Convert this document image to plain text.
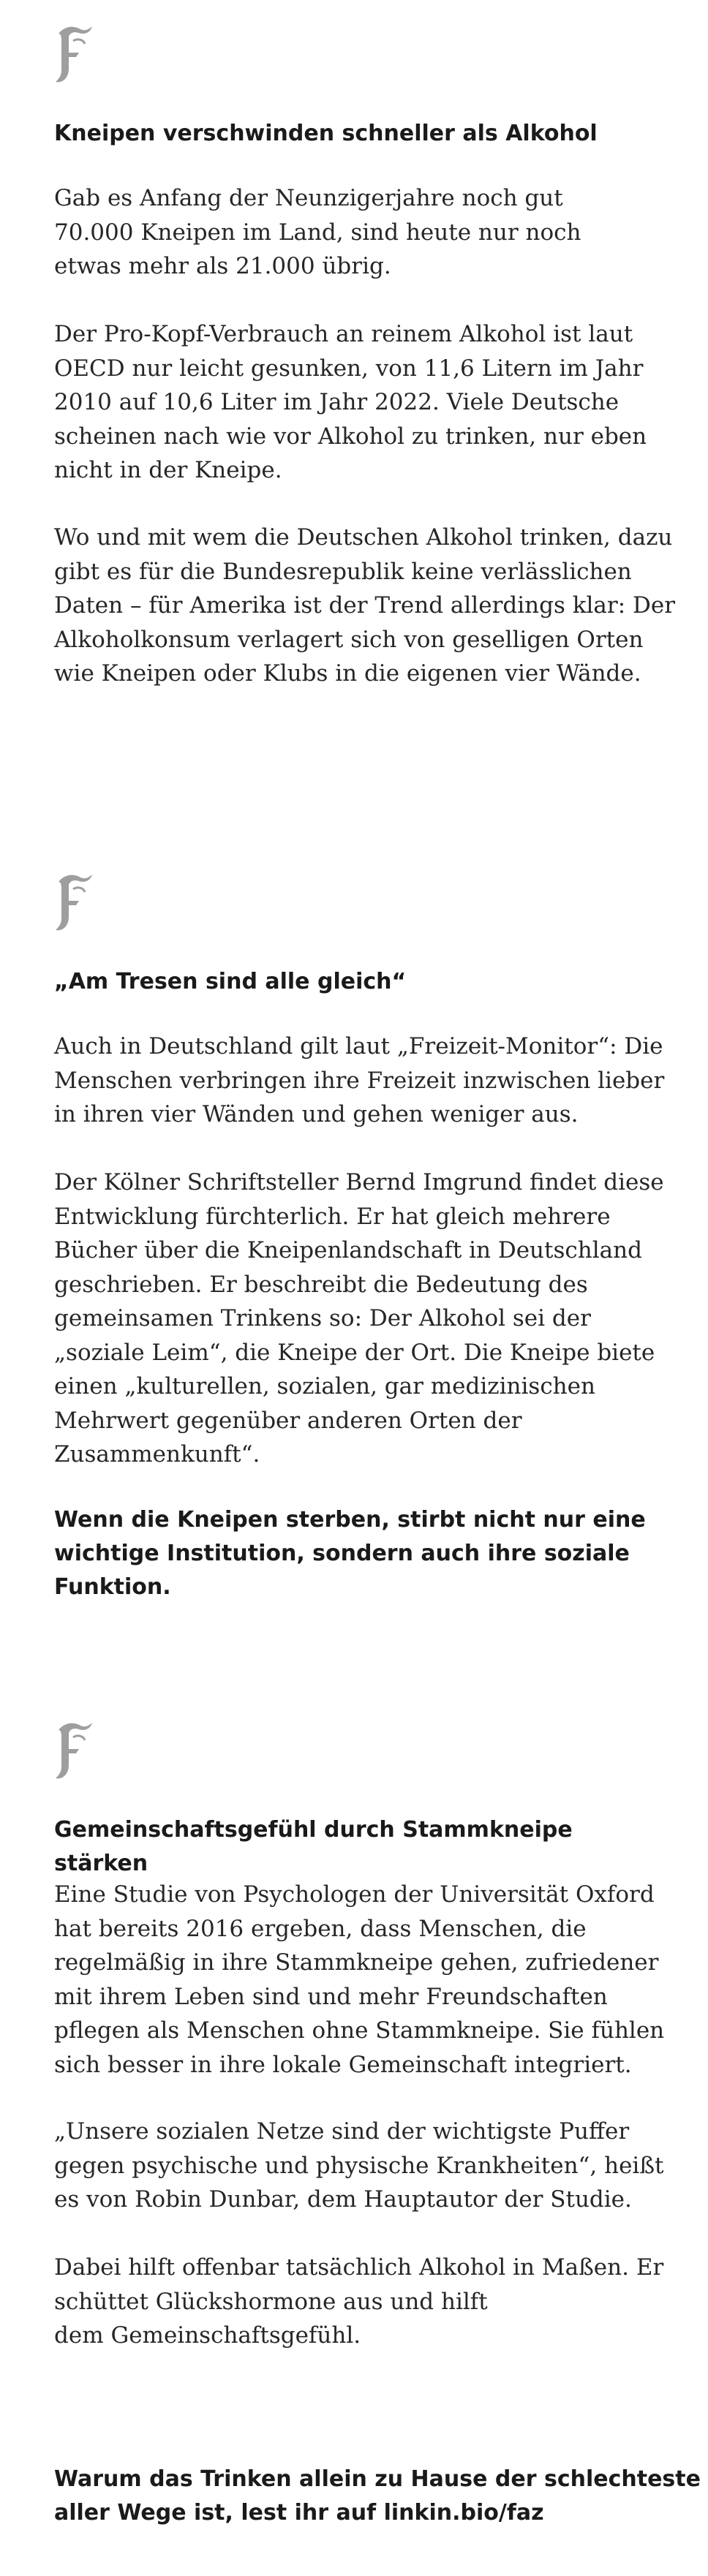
Kneipen verschwinden schneller als Alkohol

Gab es Anfang der Neunzigerjahre noch gut
70.000 Kneipen im Land, sind heute nur noch
etwas mehr als 21.000 übrig.

Der Pro-Kopf-Verbrauch an reinem Alkohol ist laut
OECD nur leicht gesunken, von 11,6 Litern im Jahr
2010 auf 10,6 Liter im Jahr 2022. Viele Deutsche
scheinen nach wie vor Alkohol zu trinken, nur eben
nicht in der Kneipe.

Wo und mit wem die Deutschen Alkohol trinken, dazu
gibt es für die Bundesrepublik keine verlässlichen
Daten – für Amerika ist der Trend allerdings klar: Der
Alkoholkonsum verlagert sich von geselligen Orten
wie Kneipen oder Klubs in die eigenen vier Wände.

„Am Tresen sind alle gleich“

Auch in Deutschland gilt laut „Freizeit-Monitor“: Die
Menschen verbringen ihre Freizeit inzwischen lieber
in ihren vier Wänden und gehen weniger aus.

Der Kölner Schriftsteller Bernd Imgrund findet diese
Entwicklung fürchterlich. Er hat gleich mehrere
Bücher über die Kneipenlandschaft in Deutschland
geschrieben. Er beschreibt die Bedeutung des
gemeinsamen Trinkens so: Der Alkohol sei der
„soziale Leim“, die Kneipe der Ort. Die Kneipe biete
einen „kulturellen, sozialen, gar medizinischen
Mehrwert gegenüber anderen Orten der
Zusammenkunft“.

Wenn die Kneipen sterben, stirbt nicht nur eine
wichtige Institution, sondern auch ihre soziale
Funktion.

Gemeinschaftsgefühl durch Stammkneipe stärken

Eine Studie von Psychologen der Universität Oxford
hat bereits 2016 ergeben, dass Menschen, die
regelmäßig in ihre Stammkneipe gehen, zufriedener
mit ihrem Leben sind und mehr Freundschaften
pflegen als Menschen ohne Stammkneipe. Sie fühlen
sich besser in ihre lokale Gemeinschaft integriert.

„Unsere sozialen Netze sind der wichtigste Puffer
gegen psychische und physische Krankheiten“, heißt
es von Robin Dunbar, dem Hauptautor der Studie.

Dabei hilft offenbar tatsächlich Alkohol in Maßen. Er
schüttet Glückshormone aus und hilft
dem Gemeinschaftsgefühl.

Warum das Trinken allein zu Hause der schlechteste
aller Wege ist, lest ihr auf linkin.bio/faz
